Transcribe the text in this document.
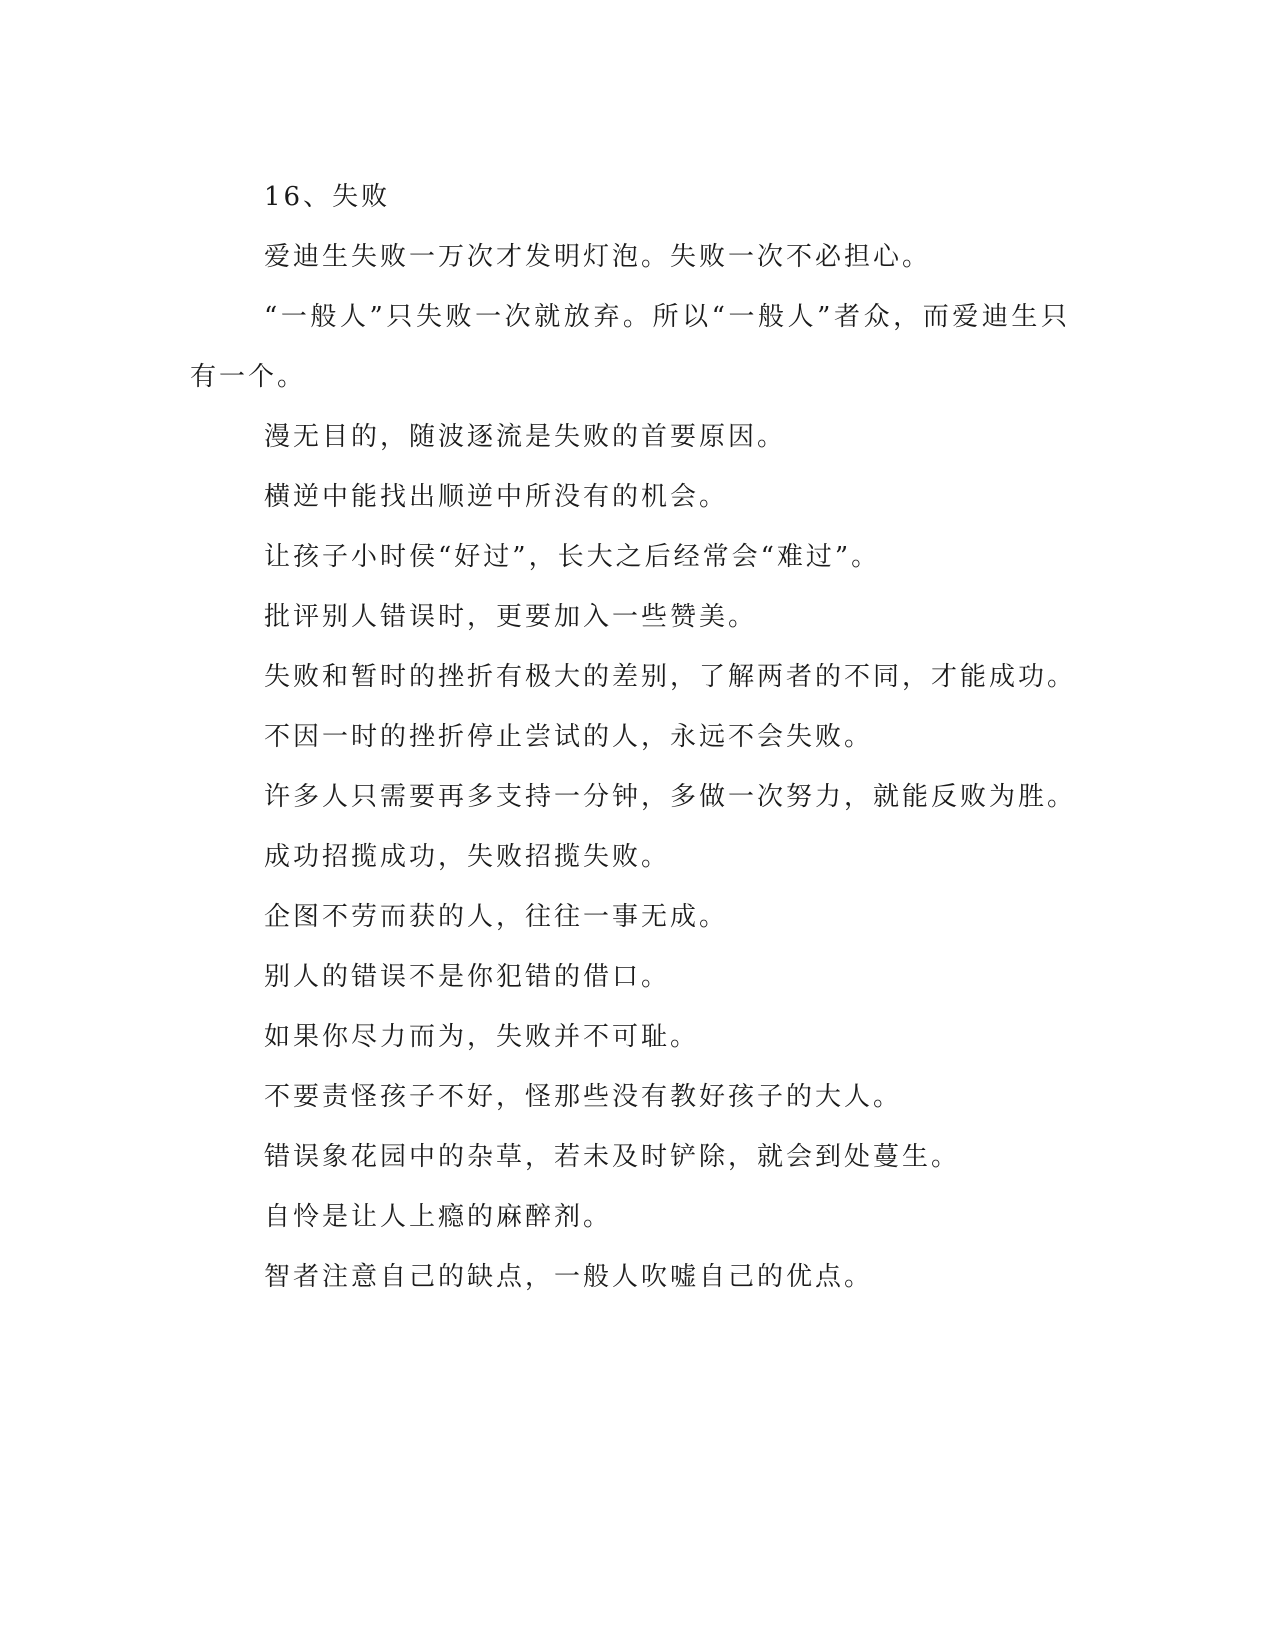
16、失败

爱迪生失败一万次才发明灯泡。失败一次不必担心。

“一般人”只失败一次就放弃。所以“一般人”者众，而爱迪生只有一个。

漫无目的，随波逐流是失败的首要原因。

横逆中能找出顺逆中所没有的机会。

让孩子小时侯“好过”，长大之后经常会“难过”。

批评别人错误时，更要加入一些赞美。

失败和暂时的挫折有极大的差别，了解两者的不同，才能成功。

不因一时的挫折停止尝试的人，永远不会失败。

许多人只需要再多支持一分钟，多做一次努力，就能反败为胜。

成功招揽成功，失败招揽失败。

企图不劳而获的人，往往一事无成。

别人的错误不是你犯错的借口。

如果你尽力而为，失败并不可耻。

不要责怪孩子不好，怪那些没有教好孩子的大人。

错误象花园中的杂草，若未及时铲除，就会到处蔓生。

自怜是让人上瘾的麻醉剂。

智者注意自己的缺点，一般人吹嘘自己的优点。
